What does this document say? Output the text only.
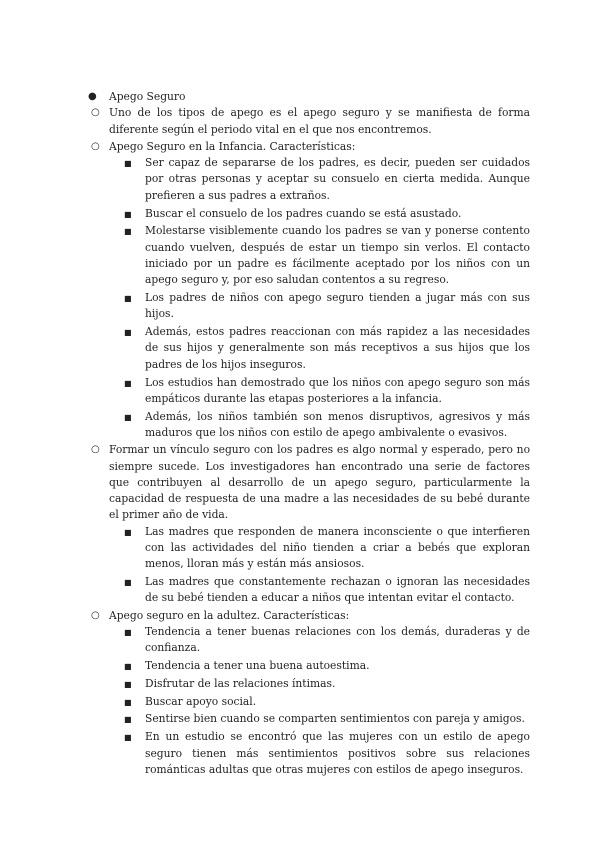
● Apego Seguro
○ Uno de los tipos de apego es el apego seguro y se manifiesta de forma diferente según el periodo vital en el que nos encontremos.
○ Apego Seguro en la Infancia. Características:
■ Ser capaz de separarse de los padres, es decir, pueden ser cuidados por otras personas y aceptar su consuelo en cierta medida. Aunque prefieren a sus padres a extraños.
■ Buscar el consuelo de los padres cuando se está asustado.
■ Molestarse visiblemente cuando los padres se van y ponerse contento cuando vuelven, después de estar un tiempo sin verlos. El contacto iniciado por un padre es fácilmente aceptado por los niños con un apego seguro y, por eso saludan contentos a su regreso.
■ Los padres de niños con apego seguro tienden a jugar más con sus hijos.
■ Además, estos padres reaccionan con más rapidez a las necesidades de sus hijos y generalmente son más receptivos a sus hijos que los padres de los hijos inseguros.
■ Los estudios han demostrado que los niños con apego seguro son más empáticos durante las etapas posteriores a la infancia.
■ Además, los niños también son menos disruptivos, agresivos y más maduros que los niños con estilo de apego ambivalente o evasivos.
○ Formar un vínculo seguro con los padres es algo normal y esperado, pero no siempre sucede. Los investigadores han encontrado una serie de factores que contribuyen al desarrollo de un apego seguro, particularmente la capacidad de respuesta de una madre a las necesidades de su bebé durante el primer año de vida.
■ Las madres que responden de manera inconsciente o que interfieren con las actividades del niño tienden a criar a bebés que exploran menos, lloran más y están más ansiosos.
■ Las madres que constantemente rechazan o ignoran las necesidades de su bebé tienden a educar a niños que intentan evitar el contacto.
○ Apego seguro en la adultez. Características:
■ Tendencia a tener buenas relaciones con los demás, duraderas y de confianza.
■ Tendencia a tener una buena autoestima.
■ Disfrutar de las relaciones íntimas.
■ Buscar apoyo social.
■ Sentirse bien cuando se comparten sentimientos con pareja y amigos.
■ En un estudio se encontró que las mujeres con un estilo de apego seguro tienen más sentimientos positivos sobre sus relaciones románticas adultas que otras mujeres con estilos de apego inseguros.
